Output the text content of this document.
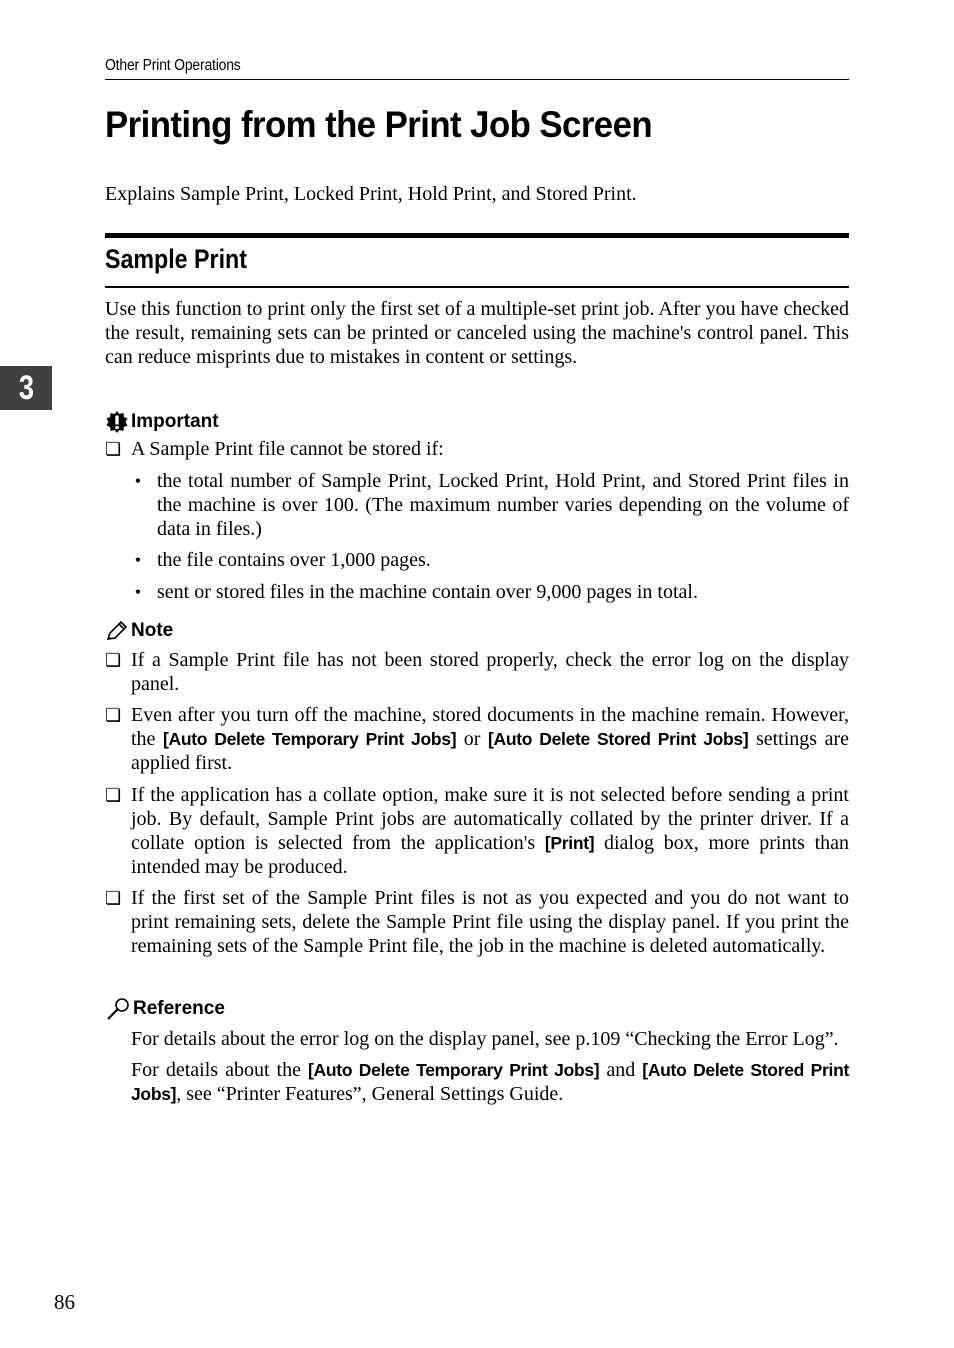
Other Print Operations
Printing from the Print Job Screen

Explains Sample Print, Locked Print, Hold Print, and Stored Print.

Sample Print
3

Use this function to print only the first set of a multiple-set print job. After you have checked the result, remaining sets can be printed or canceled using the machine's control panel. This can reduce misprints due to mistakes in content or settings.

Important
❏ A Sample Print file cannot be stored if:
• the total number of Sample Print, Locked Print, Hold Print, and Stored Print files in the machine is over 100. (The maximum number varies depending on the volume of data in files.)
• the file contains over 1,000 pages.
• sent or stored files in the machine contain over 9,000 pages in total.
Note
❏ If a Sample Print file has not been stored properly, check the error log on the display panel.
❏ Even after you turn off the machine, stored documents in the machine remain. However, the [Auto Delete Temporary Print Jobs] or [Auto Delete Stored Print Jobs] settings are applied first.
❏ If the application has a collate option, make sure it is not selected before sending a print job. By default, Sample Print jobs are automatically collated by the printer driver. If a collate option is selected from the application's [Print] dialog box, more prints than intended may be produced.
❏ If the first set of the Sample Print files is not as you expected and you do not want to print remaining sets, delete the Sample Print file using the display panel. If you print the remaining sets of the Sample Print file, the job in the machine is deleted automatically.
Reference

For details about the error log on the display panel, see p.109 “Checking the Error Log”.

For details about the [Auto Delete Temporary Print Jobs] and [Auto Delete Stored Print Jobs], see “Printer Features”, General Settings Guide.

86
